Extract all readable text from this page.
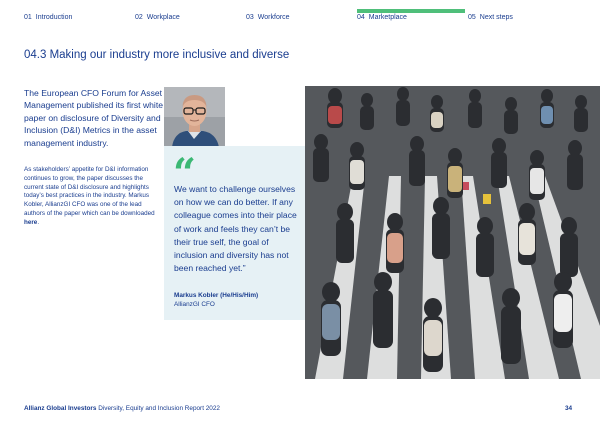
01 Introduction	02 Workplace	03 Workforce	04 Marketplace	05 Next steps
04.3 Making our industry more inclusive and diverse
The European CFO Forum for Asset Management published its first white paper on disclosure of Diversity and Inclusion (D&I) Metrics in the asset management industry.
As stakeholders’ appetite for D&I information continues to grow, the paper discusses the current state of D&I disclosure and highlights today’s best practices in the industry. Markus Kobler, AllianzGI CFO was one of the lead authors of the paper which can be downloaded here.
“
We want to challenge ourselves on how we can do better. If any colleague comes into their place of work and feels they can’t be their true self, the goal of inclusion and diversity has not been reached yet.”
Markus Kobler (He/His/Him)
AllianzGI CFO
Allianz Global Investors Diversity, Equity and Inclusion Report 2022	34
